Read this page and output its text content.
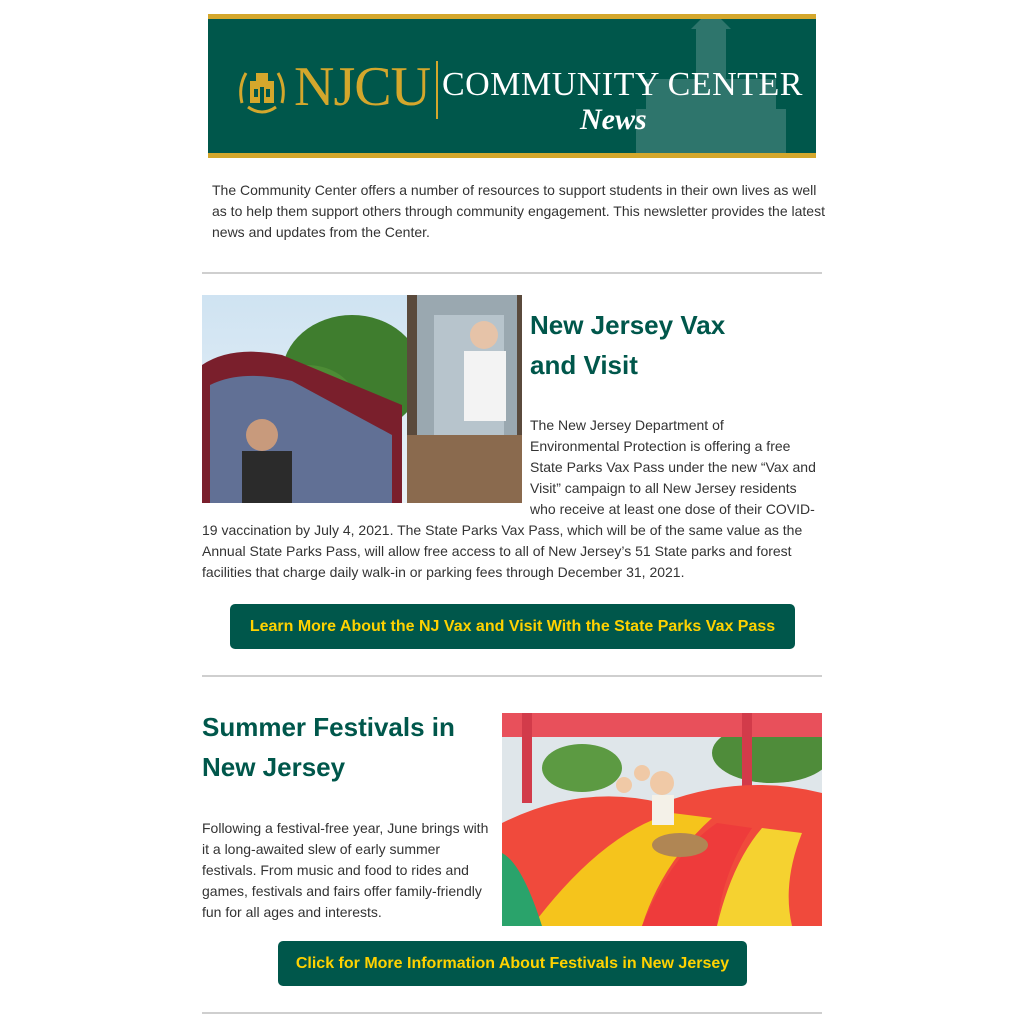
NJCU COMMUNITY CENTER
News

The Community Center offers a number of resources to support students in their own lives as well as to help them support others through community engagement. This newsletter provides the latest news and updates from the Center.

New Jersey Vax
and Visit
The New Jersey Department of
Environmental Protection is offering a free
State Parks Vax Pass under the new “Vax and
Visit” campaign to all New Jersey residents
who receive at least one dose of their COVID-

19 vaccination by July 4, 2021. The State Parks Vax Pass, which will be of the same value as the Annual State Parks Pass, will allow free access to all of New Jersey’s 51 State parks and forest facilities that charge daily walk-in or parking fees through December 31, 2021.

Learn More About the NJ Vax and Visit With the State Parks Vax Pass
Summer Festivals in
New Jersey

Following a festival-free year, June brings with it a long-awaited slew of early summer festivals. From music and food to rides and games, festivals and fairs offer family-friendly fun for all ages and interests.

Click for More Information About Festivals in New Jersey
